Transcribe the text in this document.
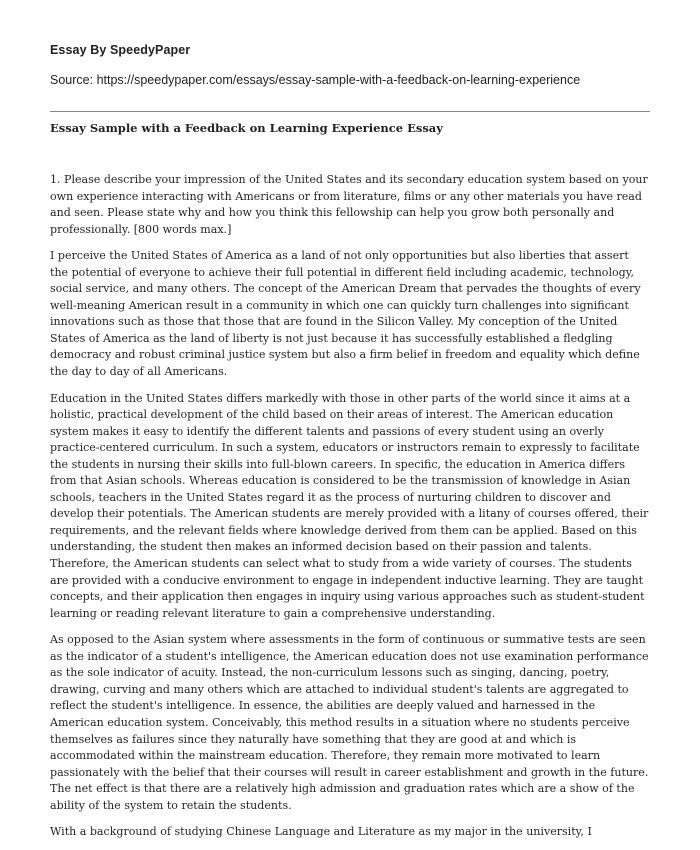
Essay By SpeedyPaper
Source: https://speedypaper.com/essays/essay-sample-with-a-feedback-on-learning-experience
Essay Sample with a Feedback on Learning Experience Essay

1. Please describe your impression of the United States and its secondary education system based on your own experience interacting with Americans or from literature, films or any other materials you have read and seen. Please state why and how you think this fellowship can help you grow both personally and professionally. [800 words max.]

I perceive the United States of America as a land of not only opportunities but also liberties that assert the potential of everyone to achieve their full potential in different field including academic, technology, social service, and many others. The concept of the American Dream that pervades the thoughts of every well-meaning American result in a community in which one can quickly turn challenges into significant innovations such as those that those that are found in the Silicon Valley. My conception of the United States of America as the land of liberty is not just because it has successfully established a fledgling democracy and robust criminal justice system but also a firm belief in freedom and equality which define the day to day of all Americans.

Education in the United States differs markedly with those in other parts of the world since it aims at a holistic, practical development of the child based on their areas of interest. The American education system makes it easy to identify the different talents and passions of every student using an overly practice-centered curriculum. In such a system, educators or instructors remain to expressly to facilitate the students in nursing their skills into full-blown careers. In specific, the education in America differs from that Asian schools. Whereas education is considered to be the transmission of knowledge in Asian schools, teachers in the United States regard it as the process of nurturing children to discover and develop their potentials. The American students are merely provided with a litany of courses offered, their requirements, and the relevant fields where knowledge derived from them can be applied. Based on this understanding, the student then makes an informed decision based on their passion and talents. Therefore, the American students can select what to study from a wide variety of courses. The students are provided with a conducive environment to engage in independent inductive learning. They are taught concepts, and their application then engages in inquiry using various approaches such as student-student learning or reading relevant literature to gain a comprehensive understanding.

As opposed to the Asian system where assessments in the form of continuous or summative tests are seen as the indicator of a student's intelligence, the American education does not use examination performance as the sole indicator of acuity. Instead, the non-curriculum lessons such as singing, dancing, poetry, drawing, curving and many others which are attached to individual student's talents are aggregated to reflect the student's intelligence. In essence, the abilities are deeply valued and harnessed in the American education system. Conceivably, this method results in a situation where no students perceive themselves as failures since they naturally have something that they are good at and which is accommodated within the mainstream education. Therefore, they remain more motivated to learn passionately with the belief that their courses will result in career establishment and growth in the future. The net effect is that there are a relatively high admission and graduation rates which are a show of the ability of the system to retain the students.

With a background of studying Chinese Language and Literature as my major in the university, I
